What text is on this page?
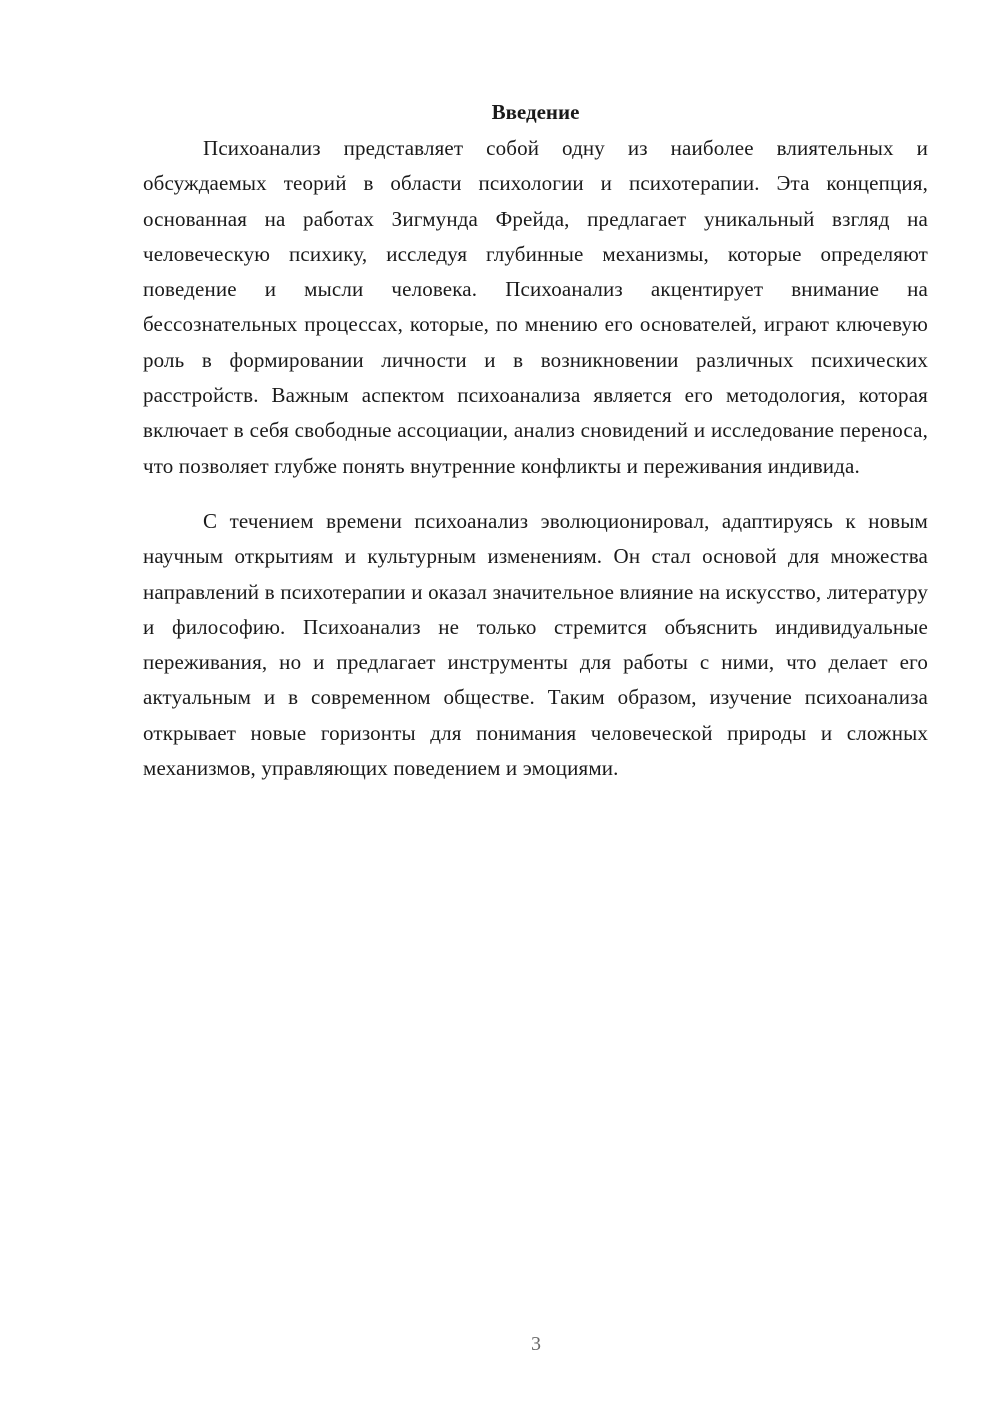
Введение

Психоанализ представляет собой одну из наиболее влиятельных и обсуждаемых теорий в области психологии и психотерапии. Эта концепция, основанная на работах Зигмунда Фрейда, предлагает уникальный взгляд на человеческую психику, исследуя глубинные механизмы, которые определяют поведение и мысли человека. Психоанализ акцентирует внимание на бессознательных процессах, которые, по мнению его основателей, играют ключевую роль в формировании личности и в возникновении различных психических расстройств. Важным аспектом психоанализа является его методология, которая включает в себя свободные ассоциации, анализ сновидений и исследование переноса, что позволяет глубже понять внутренние конфликты и переживания индивида.

С течением времени психоанализ эволюционировал, адаптируясь к новым научным открытиям и культурным изменениям. Он стал основой для множества направлений в психотерапии и оказал значительное влияние на искусство, литературу и философию. Психоанализ не только стремится объяснить индивидуальные переживания, но и предлагает инструменты для работы с ними, что делает его актуальным и в современном обществе. Таким образом, изучение психоанализа открывает новые горизонты для понимания человеческой природы и сложных механизмов, управляющих поведением и эмоциями.

3
